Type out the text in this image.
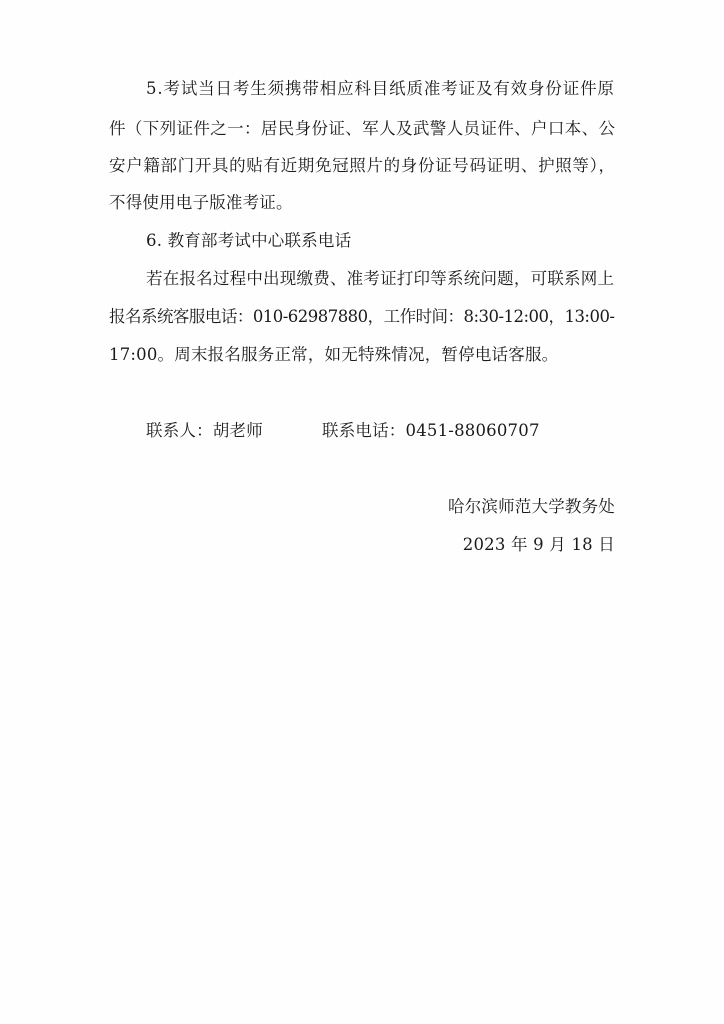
5.考试当日考生须携带相应科目纸质准考证及有效身份证件原
件（下列证件之一：居民身份证、军人及武警人员证件、户口本、公
安户籍部门开具的贴有近期免冠照片的身份证号码证明、护照等），
不得使用电子版准考证。
6. 教育部考试中心联系电话
若在报名过程中出现缴费、准考证打印等系统问题，可联系网上
报名系统客服电话：010-62987880，工作时间：8:30-12:00，13:00-
17:00。周末报名服务正常，如无特殊情况，暂停电话客服。
联系人：胡老师	联系电话：0451-88060707
哈尔滨师范大学教务处
2023 年 9 月 18 日
